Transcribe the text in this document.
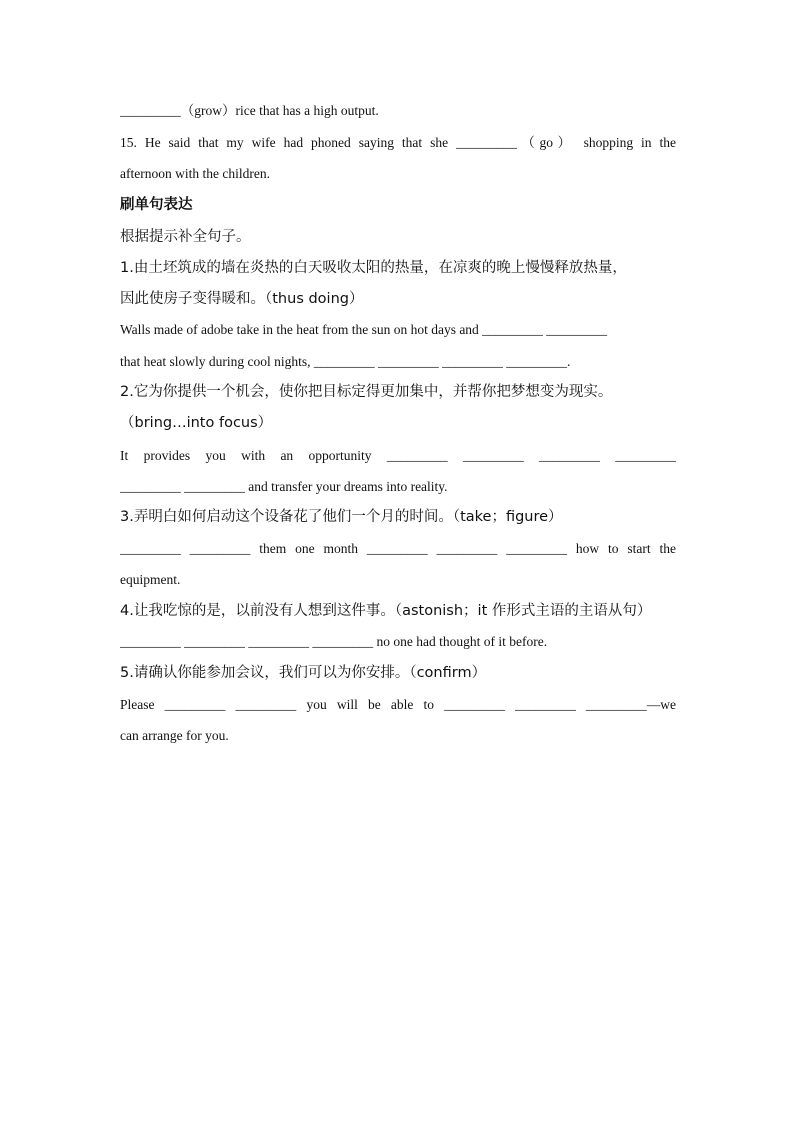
_________（grow）rice that has a high output.
15. He said that my wife had phoned saying that she _________（go） shopping in the
afternoon with the children.
刷单句表达
根据提示补全句子。
1.由土坯筑成的墙在炎热的白天吸收太阳的热量，在凉爽的晚上慢慢释放热量，
因此使房子变得暖和。（thus doing）
Walls made of adobe take in the heat from the sun on hot days and _________ _________
that heat slowly during cool nights, _________ _________ _________ _________.
2.它为你提供一个机会，使你把目标定得更加集中，并帮你把梦想变为现实。
（bring…into focus）
It provides you with an opportunity _________ _________ _________ _________
_________ _________ and transfer your dreams into reality.
3.弄明白如何启动这个设备花了他们一个月的时间。（take；figure）
_________ _________ them one month _________ _________ _________ how to start the
equipment.
4.让我吃惊的是，以前没有人想到这件事。（astonish；it 作形式主语的主语从句）
_________ _________ _________ _________ no one had thought of it before.
5.请确认你能参加会议，我们可以为你安排。（confirm）
Please _________ _________ you will be able to _________ _________ _________—we
can arrange for you.
